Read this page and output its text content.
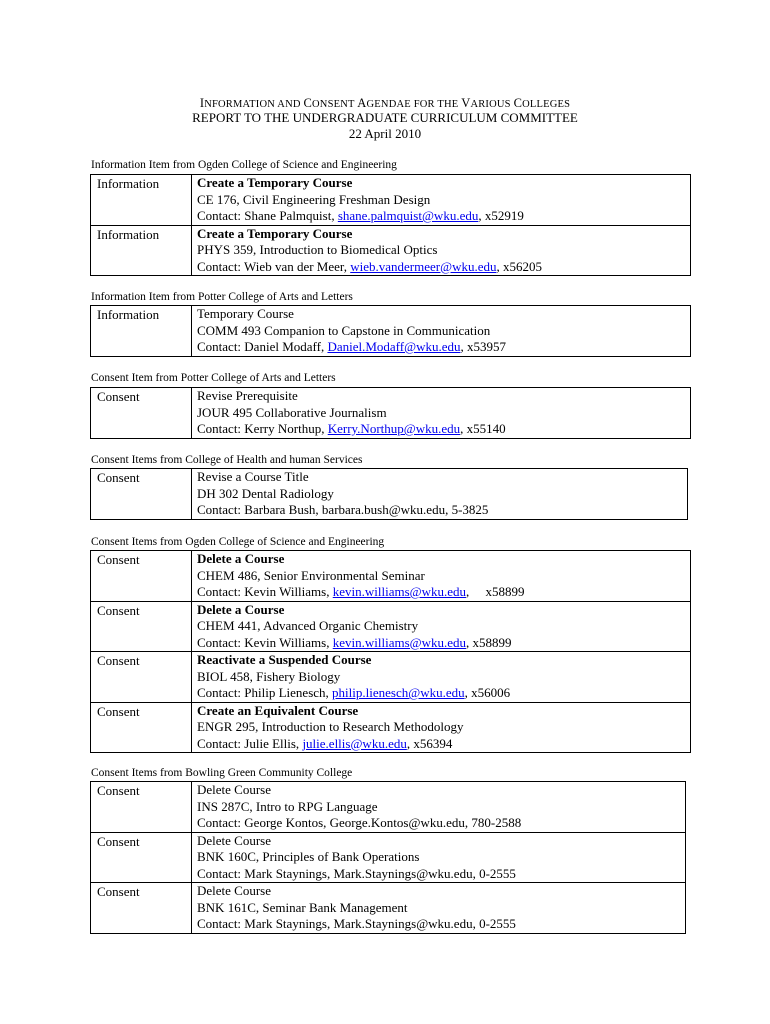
INFORMATION AND CONSENT AGENDAE FOR THE VARIOUS COLLEGES
REPORT TO THE UNDERGRADUATE CURRICULUM COMMITTEE
22 April 2010
Information Item from Ogden College of Science and Engineering
Information	Create a Temporary Course
CE 176, Civil Engineering Freshman Design
Contact: Shane Palmquist, shane.palmquist@wku.edu, x52919

Information	Create a Temporary Course
PHYS 359, Introduction to Biomedical Optics
Contact: Wieb van der Meer, wieb.vandermeer@wku.edu, x56205
Information Item from Potter College of Arts and Letters
Information	Temporary Course
COMM 493 Companion to Capstone in Communication
Contact: Daniel Modaff, Daniel.Modaff@wku.edu, x53957
Consent Item from Potter College of Arts and Letters
Consent	Revise Prerequisite
JOUR 495 Collaborative Journalism
Contact: Kerry Northup, Kerry.Northup@wku.edu, x55140
Consent Items from College of Health and human Services
Consent	Revise a Course Title
DH 302 Dental Radiology
Contact: Barbara Bush, barbara.bush@wku.edu, 5-3825
Consent Items from Ogden College of Science and Engineering
Consent	Delete a Course
CHEM 486, Senior Environmental Seminar
Contact: Kevin Williams, kevin.williams@wku.edu,     x58899

Consent	Delete a Course
CHEM 441, Advanced Organic Chemistry
Contact: Kevin Williams, kevin.williams@wku.edu, x58899

Consent	Reactivate a Suspended Course
BIOL 458, Fishery Biology
Contact: Philip Lienesch, philip.lienesch@wku.edu, x56006

Consent	Create an Equivalent Course
ENGR 295, Introduction to Research Methodology
Contact: Julie Ellis, julie.ellis@wku.edu, x56394
Consent Items from Bowling Green Community College
Consent	Delete Course
INS 287C, Intro to RPG Language
Contact: George Kontos, George.Kontos@wku.edu, 780-2588

Consent	Delete Course
BNK 160C, Principles of Bank Operations
Contact: Mark Staynings, Mark.Staynings@wku.edu, 0-2555

Consent	Delete Course
BNK 161C, Seminar Bank Management
Contact: Mark Staynings, Mark.Staynings@wku.edu, 0-2555
